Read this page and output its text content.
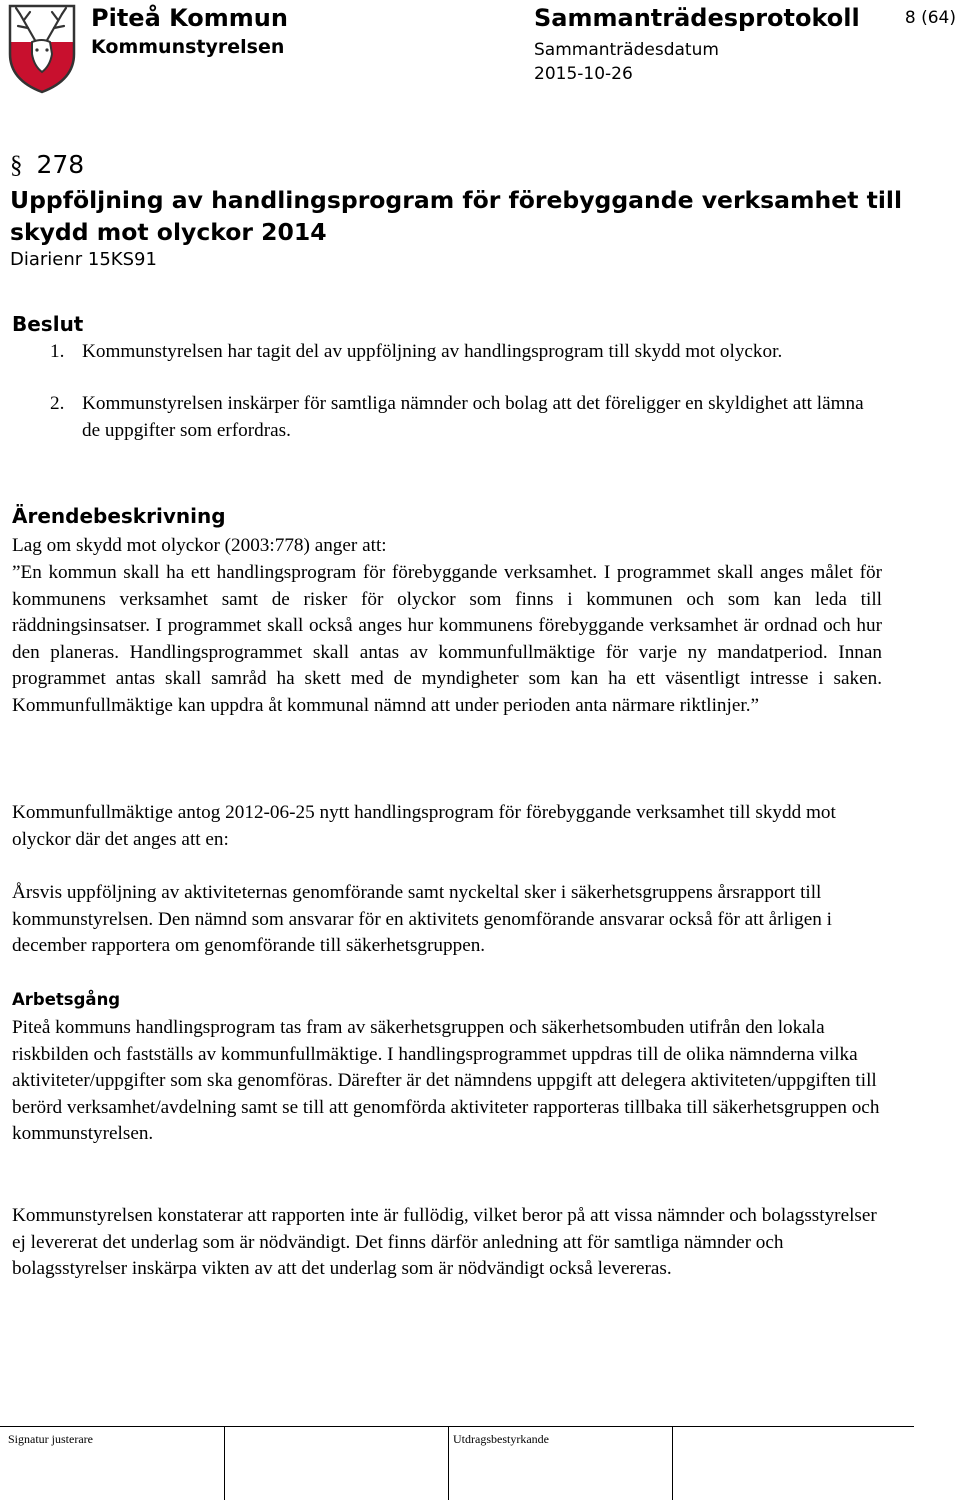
Piteå Kommun
Kommunstyrelsen
Sammanträdesprotokoll
Sammanträdesdatum
2015-10-26
8 (64)
§ 278
Uppföljning av handlingsprogram för förebyggande verksamhet till skydd mot olyckor 2014
Diarienr 15KS91
Beslut
1. Kommunstyrelsen har tagit del av uppföljning av handlingsprogram till skydd mot olyckor.
2. Kommunstyrelsen inskärper för samtliga nämnder och bolag att det föreligger en skyldighet att lämna de uppgifter som erfordras.
Ärendebeskrivning
Lag om skydd mot olyckor (2003:778) anger att:
”En kommun skall ha ett handlingsprogram för förebyggande verksamhet. I programmet skall anges målet för kommunens verksamhet samt de risker för olyckor som finns i kommunen och som kan leda till räddningsinsatser. I programmet skall också anges hur kommunens förebyggande verksamhet är ordnad och hur den planeras. Handlingsprogrammet skall antas av kommunfullmäktige för varje ny mandatperiod. Innan programmet antas skall samråd ha skett med de myndigheter som kan ha ett väsentligt intresse i saken. Kommunfullmäktige kan uppdra åt kommunal nämnd att under perioden anta närmare riktlinjer.”
Kommunfullmäktige antog 2012-06-25 nytt handlingsprogram för förebyggande verksamhet till skydd mot olyckor där det anges att en:
Årsvis uppföljning av aktiviteternas genomförande samt nyckeltal sker i säkerhetsgruppens årsrapport till kommunstyrelsen. Den nämnd som ansvarar för en aktivitets genomförande ansvarar också för att årligen i december rapportera om genomförande till säkerhetsgruppen.
Arbetsgång
Piteå kommuns handlingsprogram tas fram av säkerhetsgruppen och säkerhetsombuden utifrån den lokala riskbilden och fastställs av kommunfullmäktige. I handlingsprogrammet uppdras till de olika nämnderna vilka aktiviteter/uppgifter som ska genomföras. Därefter är det nämndens uppgift att delegera aktiviteten/uppgiften till berörd verksamhet/avdelning samt se till att genomförda aktiviteter rapporteras tillbaka till säkerhetsgruppen och kommunstyrelsen.
Kommunstyrelsen konstaterar att rapporten inte är fullödig, vilket beror på att vissa nämnder och bolagsstyrelser ej levererat det underlag som är nödvändigt. Det finns därför anledning att för samtliga nämnder och bolagsstyrelser inskärpa vikten av att det underlag som är nödvändigt också levereras.
Signatur justerare	Utdragsbestyrkande
